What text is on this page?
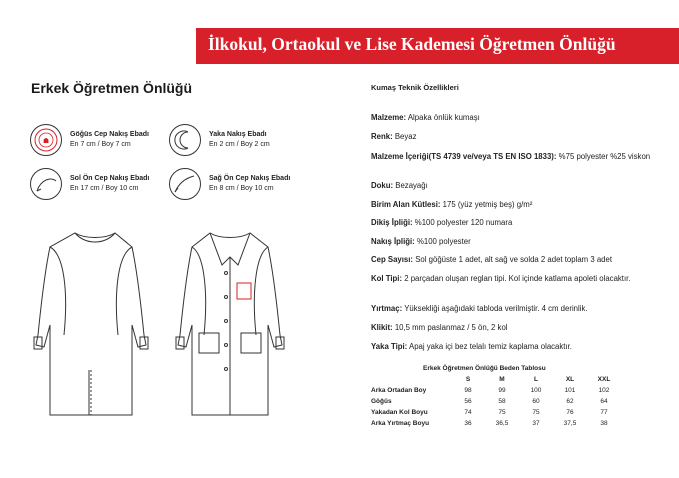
İlkokul, Ortaokul ve Lise Kademesi Öğretmen Önlüğü
Erkek Öğretmen Önlüğü
☗
Göğüs Cep Nakış Ebadı
En 7 cm / Boy 7 cm
Yaka Nakış Ebadı
En 2 cm / Boy 2 cm
Sol Ön Cep Nakış Ebadı
En 17 cm / Boy 10 cm
Sağ Ön Cep Nakış Ebadı
En 8 cm / Boy 10 cm
Kumaş Teknik Özellikleri
Malzeme: Alpaka önlük kumaşı
Renk: Beyaz
Malzeme İçeriği(TS 4739 ve/veya TS EN ISO 1833): %75 polyester %25 viskon
Doku: Bezayağı
Birim Alan Kütlesi: 175 (yüz yetmiş beş) g/m²
Dikiş İpliği: %100 polyester 120 numara
Nakış İpliği: %100 polyester
Cep Sayısı: Sol göğüste 1 adet, alt sağ ve solda 2 adet toplam 3 adet
Kol Tipi: 2 parçadan oluşan reglan tipi. Kol içinde katlama apoleti olacaktır.
Yırtmaç: Yüksekliği aşağıdaki tabloda verilmiştir. 4 cm derinlik.
Klikit: 10,5 mm paslanmaz / 5 ön, 2 kol
Yaka Tipi: Apaj yaka içi bez telalı temiz kaplama olacaktır.
Erkek Öğretmen Önlüğü Beden Tablosu
	S	M	L	XL	XXL
Arka Ortadan Boy	98	99	100	101	102
Göğüs	56	58	60	62	64
Yakadan Kol Boyu	74	75	75	76	77
Arka Yırtmaç Boyu	36	36,5	37	37,5	38
